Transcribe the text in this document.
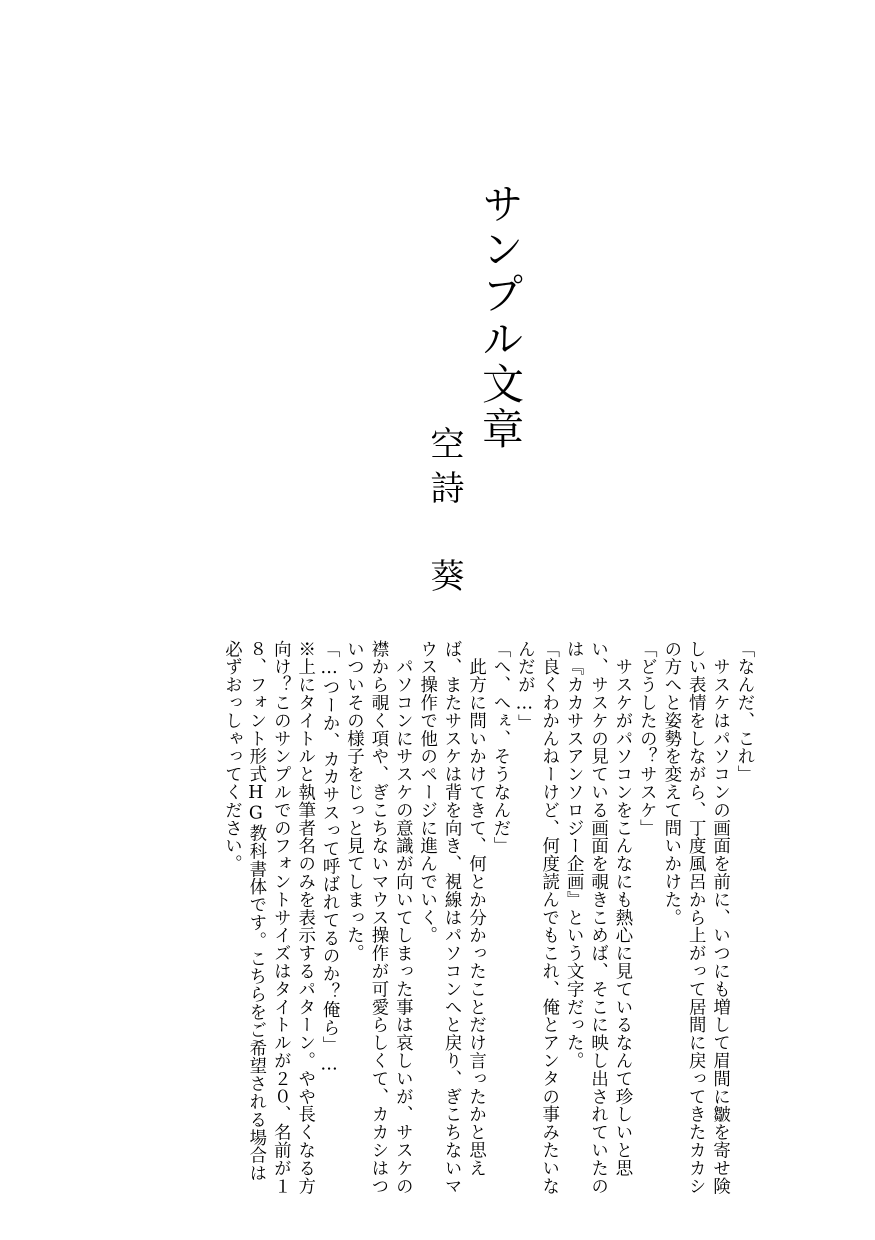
サンプル文章
空詩　葵

「なんだ、これ」

　サスケはパソコンの画面を前に、いつにも増して眉間に皺を寄せ険しい表情をしながら、丁度風呂から上がって居間に戻ってきたカカシの方へと姿勢を変えて問いかけた。

「どうしたの？サスケ」

　サスケがパソコンをこんなにも熱心に見ているなんて珍しいと思い、サスケの見ている画面を覗きこめば、そこに映し出されていたのは『カカサスアンソロジー企画』という文字だった。

「良くわかんねーけど、何度読んでもこれ、俺とアンタの事みたいなんだが…」

「へ、へぇ、そうなんだ」

　此方に問いかけてきて、何とか分かったことだけ言ったかと思えば、またサスケは背を向き、視線はパソコンへと戻り、ぎこちないマウス操作で他のページに進んでいく。

　パソコンにサスケの意識が向いてしまった事は哀しいが、サスケの襟から覗く項や、ぎこちないマウス操作が可愛らしくて、カカシはついついその様子をじっと見てしまった。

「…つーか、カカサスって呼ばれてるのか？俺ら」…

※上にタイトルと執筆者名のみを表示するパターン。やや長くなる方向け？このサンプルでのフォントサイズはタイトルが２０、名前が１８、フォント形式HG教科書体です。こちらをご希望される場合は必ずおっしゃってください。
